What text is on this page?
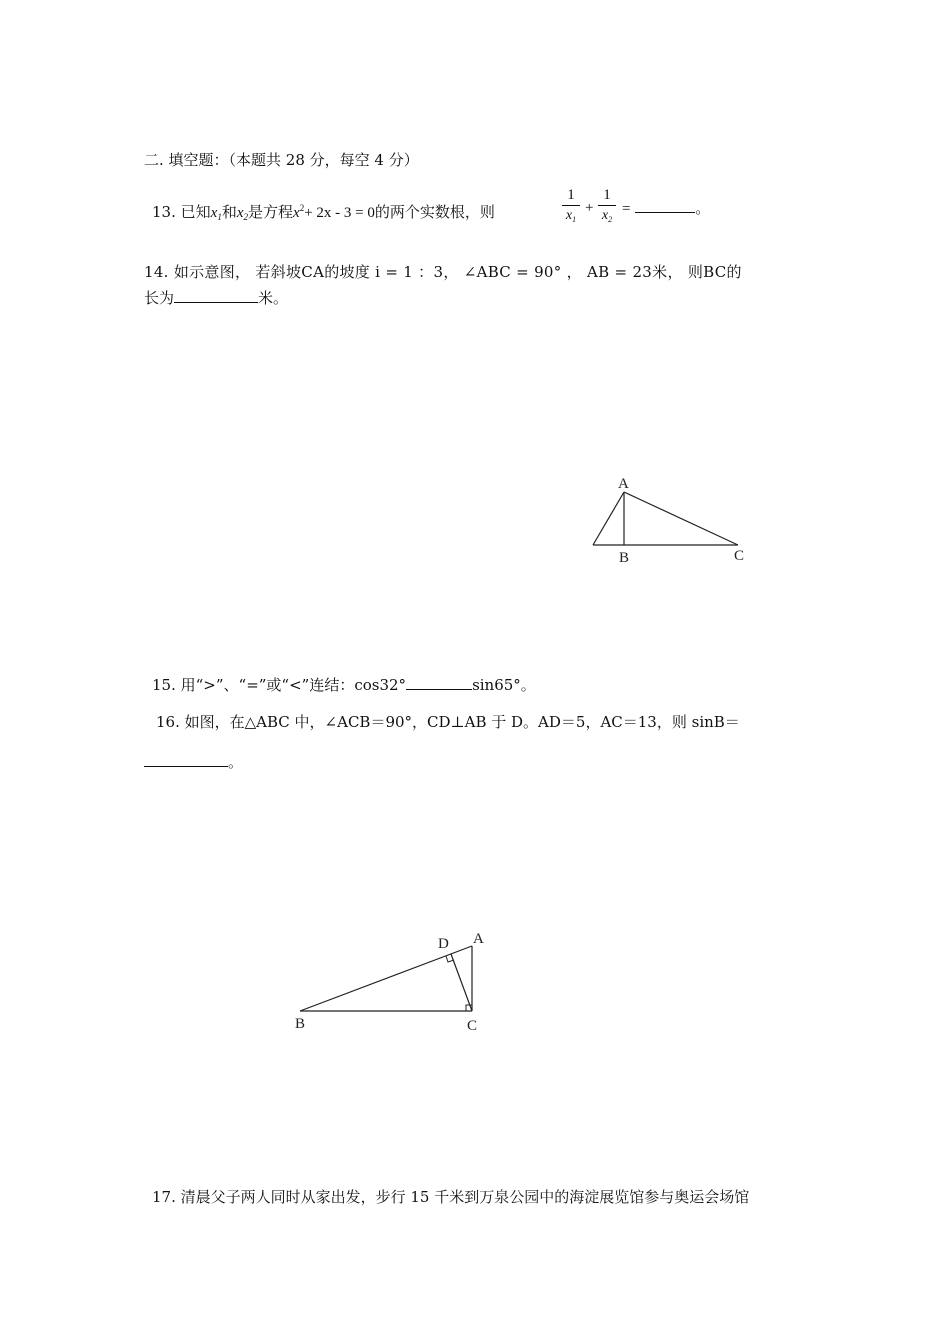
二. 填空题：（本题共 28 分，每空 4 分）
13. 已知$x_1$和$x_2$是方程$x^2+ 2x - 3 = 0$的两个实数根，则
1
$x_1$
+
1
$x_2$
=	。
14. 如示意图， 若斜坡CA的坡度 i = 1 ：3， ∠ABC = 90° ， AB = 23米， 则BC的
长为	米。
A
B	C
15. 用“>”、“=”或“<”连结：cos32°	sin65°。
16. 如图，在△ABC 中，∠ACB＝90°，CD⊥AB 于 D。AD＝5，AC＝13，则 sinB＝
。
D A
B	C
17. 清晨父子两人同时从家出发，步行 15 千米到万泉公园中的海淀展览馆参与奥运会场馆
